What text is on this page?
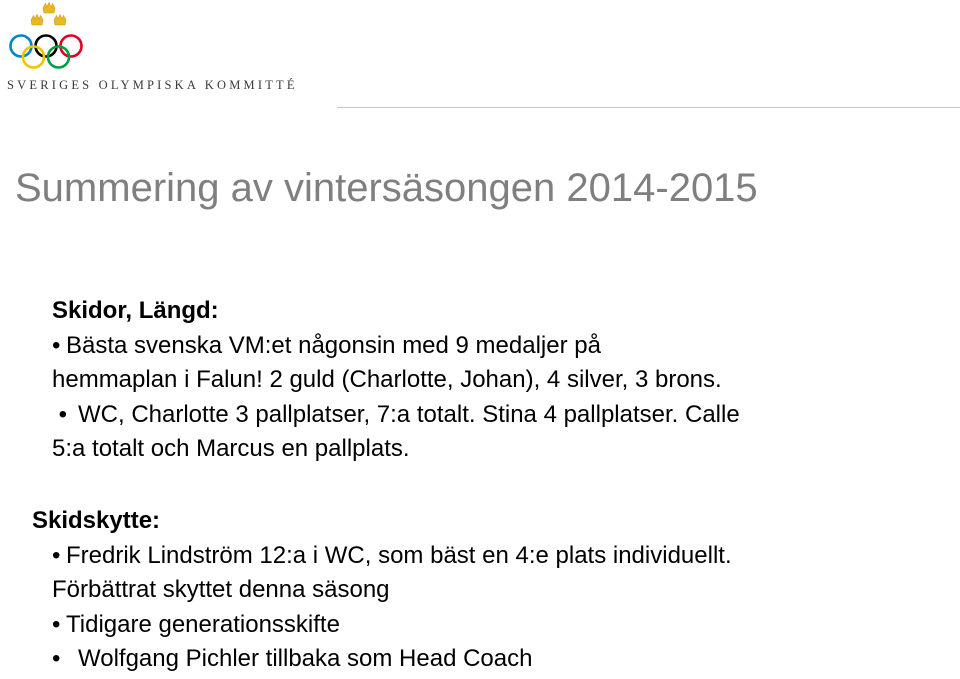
SVERIGES OLYMPISKA KOMMITTÉ
Summering av vintersäsongen 2014-2015
Skidor, Längd:
• Bästa svenska VM:et någonsin med 9 medaljer på
hemmaplan i Falun! 2 guld (Charlotte, Johan), 4 silver, 3 brons.
• WC, Charlotte 3 pallplatser, 7:a totalt. Stina 4 pallplatser. Calle
5:a totalt och Marcus en pallplats.
Skidskytte:
• Fredrik Lindström 12:a i WC, som bäst en 4:e plats individuellt.
Förbättrat skyttet denna säsong
• Tidigare generationsskifte
• Wolfgang Pichler tillbaka som Head Coach
